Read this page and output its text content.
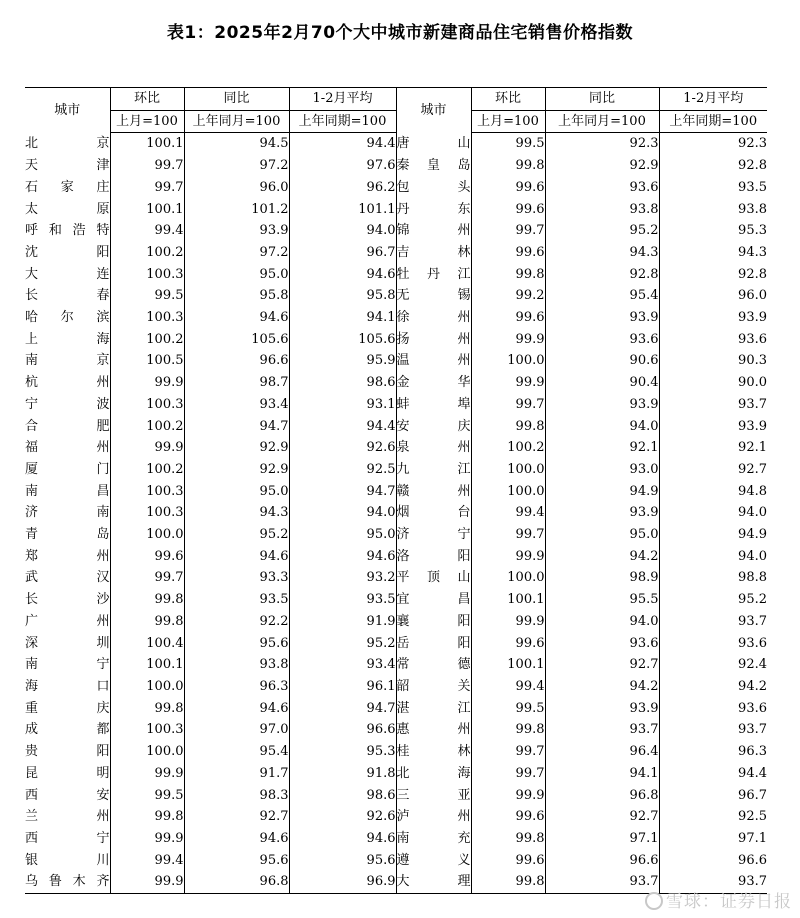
表1：2025年2月70个大中城市新建商品住宅销售价格指数
城市	环比	同比	1-2月平均	城市	环比	同比	1-2月平均
	上月=100	上年同月=100	上年同期=100		上月=100	上年同月=100	上年同期=100
北京	100.1	94.5	94.4	唐山	99.5	92.3	92.3
天津	99.7	97.2	97.6	秦皇岛	99.8	92.9	92.8
石家庄	99.7	96.0	96.2	包头	99.6	93.6	93.5
太原	100.1	101.2	101.1	丹东	99.6	93.8	93.8
呼和浩特	99.4	93.9	94.0	锦州	99.7	95.2	95.3
沈阳	100.2	97.2	96.7	吉林	99.6	94.3	94.3
大连	100.3	95.0	94.6	牡丹江	99.8	92.8	92.8
长春	99.5	95.8	95.8	无锡	99.2	95.4	96.0
哈尔滨	100.3	94.6	94.1	徐州	99.6	93.9	93.9
上海	100.2	105.6	105.6	扬州	99.9	93.6	93.6
南京	100.5	96.6	95.9	温州	100.0	90.6	90.3
杭州	99.9	98.7	98.6	金华	99.9	90.4	90.0
宁波	100.3	93.4	93.1	蚌埠	99.7	93.9	93.7
合肥	100.2	94.7	94.4	安庆	99.8	94.0	93.9
福州	99.9	92.9	92.6	泉州	100.2	92.1	92.1
厦门	100.2	92.9	92.5	九江	100.0	93.0	92.7
南昌	100.3	95.0	94.7	赣州	100.0	94.9	94.8
济南	100.3	94.3	94.0	烟台	99.4	93.9	94.0
青岛	100.0	95.2	95.0	济宁	99.7	95.0	94.9
郑州	99.6	94.6	94.6	洛阳	99.9	94.2	94.0
武汉	99.7	93.3	93.2	平顶山	100.0	98.9	98.8
长沙	99.8	93.5	93.5	宜昌	100.1	95.5	95.2
广州	99.8	92.2	91.9	襄阳	99.9	94.0	93.7
深圳	100.4	95.6	95.2	岳阳	99.6	93.6	93.6
南宁	100.1	93.8	93.4	常德	100.1	92.7	92.4
海口	100.0	96.3	96.1	韶关	99.4	94.2	94.2
重庆	99.8	94.6	94.7	湛江	99.5	93.9	93.6
成都	100.3	97.0	96.6	惠州	99.8	93.7	93.7
贵阳	100.0	95.4	95.3	桂林	99.7	96.4	96.3
昆明	99.9	91.7	91.8	北海	99.7	94.1	94.4
西安	99.5	98.3	98.6	三亚	99.9	96.8	96.7
兰州	99.8	92.7	92.6	泸州	99.6	92.7	92.5
西宁	99.9	94.6	94.6	南充	99.8	97.1	97.1
银川	99.4	95.6	95.6	遵义	99.6	96.6	96.6
乌鲁木齐	99.9	96.8	96.9	大理	99.8	93.7	93.7
雪球：证券日报
